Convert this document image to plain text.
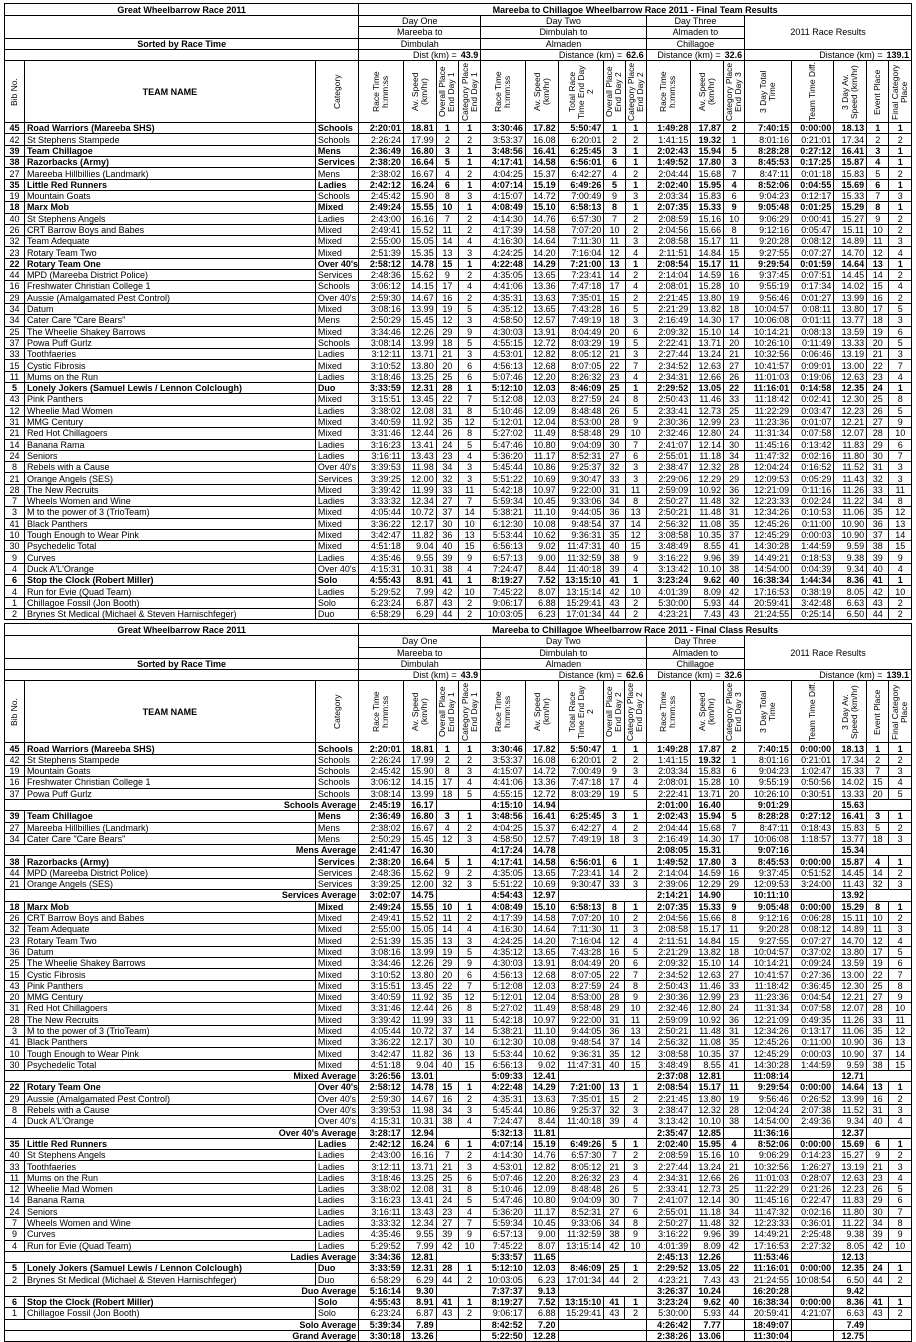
Great Wheelbarrow Race 2011			Mareeba to Chillagoe Wheelbarrow Race 2011 - Final Team Results																
			Day One				Day Two					Day Three			2011 Race Results				
			Mareeba to				Dimbulah to					Almaden to							
Sorted by Race Time			Dimbulah				Almaden					Chillagoe							
			Dist (km) = 43.9				Distance (km) = 62.6					Distance (km) = 32.6			Distance (km) = 139.1				

Bib No.	TEAM NAME	Category	Race Time h:mm:ss	Av. Speed (km/hr)	Overall Place End Day 1	Category Place End Day 1	Race Time h:mm:ss	Av. Speed (km/hr)	Total Race Time End Day 2	Overall Place End Day 2	Category Place End Day 2	Race Time h:mm:ss	Av. Speed (km/hr)	Category Place End Day 3	3 Day Total Time	Team Time Diff.	3 Day Av. Speed (km/hr)	Event Place	Final Category Place

45	Road Warriors (Mareeba SHS)	Schools	2:20:01	18.81	1	1	3:30:46	17.82	5:50:47	1	1	1:49:28	17.87	2	7:40:15	0:00:00	18.13	1	1
42	St Stephens Stampede	Schools	2:26:24	17.99	2	2	3:53:37	16.08	6:20:01	2	2	1:41:15	19.32	1	8:01:16	0:21:01	17.34	2	2
39	Team Chillagoe	Mens	2:36:49	16.80	3	1	3:48:56	16.41	6:25:45	3	1	2:02:43	15.94	5	8:28:28	0:27:12	16.41	3	1
38	Razorbacks (Army)	Services	2:38:20	16.64	5	1	4:17:41	14.58	6:56:01	6	1	1:49:52	17.80	3	8:45:53	0:17:25	15.87	4	1
27	Mareeba Hillbillies (Landmark)	Mens	2:38:02	16.67	4	2	4:04:25	15.37	6:42:27	4	2	2:04:44	15.68	7	8:47:11	0:01:18	15.83	5	2
35	Little Red Runners	Ladies	2:42:12	16.24	6	1	4:07:14	15.19	6:49:26	5	1	2:02:40	15.95	4	8:52:06	0:04:55	15.69	6	1
19	Mountain Goats	Schools	2:45:42	15.90	8	3	4:15:07	14.72	7:00:49	9	3	2:03:34	15.83	6	9:04:23	0:12:17	15.33	7	3
18	Marx Mob	Mixed	2:49:24	15.55	10	1	4:08:49	15.10	6:58:13	8	1	2:07:35	15.33	9	9:05:48	0:01:25	15.29	8	1
40	St Stephens Angels	Ladies	2:43:00	16.16	7	2	4:14:30	14.76	6:57:30	7	2	2:08:59	15.16	10	9:06:29	0:00:41	15.27	9	2
26	CRT Barrow Boys and Babes	Mixed	2:49:41	15.52	11	2	4:17:39	14.58	7:07:20	10	2	2:04:56	15.66	8	9:12:16	0:05:47	15.11	10	2
32	Team Adequate	Mixed	2:55:00	15.05	14	4	4:16:30	14.64	7:11:30	11	3	2:08:58	15.17	11	9:20:28	0:08:12	14.89	11	3
23	Rotary Team Two	Mixed	2:51:39	15.35	13	3	4:24:25	14.20	7:16:04	12	4	2:11:51	14.84	15	9:27:55	0:07:27	14.70	12	4
22	Rotary Team One	Over 40's	2:58:12	14.78	15	1	4:22:48	14.29	7:21:00	13	1	2:08:54	15.17	11	9:29:54	0:01:59	14.64	13	1
44	MPD (Mareeba District Police)	Services	2:48:36	15.62	9	2	4:35:05	13.65	7:23:41	14	2	2:14:04	14.59	16	9:37:45	0:07:51	14.45	14	2
16	Freshwater Christian College 1	Schools	3:06:12	14.15	17	4	4:41:06	13.36	7:47:18	17	4	2:08:01	15.28	10	9:55:19	0:17:34	14.02	15	4
29	Aussie (Amalgamated Pest Control)	Over 40's	2:59:30	14.67	16	2	4:35:31	13.63	7:35:01	15	2	2:21:45	13.80	19	9:56:46	0:01:27	13.99	16	2
34	Datum	Mixed	3:08:16	13.99	19	5	4:35:12	13.65	7:43:28	16	5	2:21:29	13.82	18	10:04:57	0:08:11	13.80	17	5
34	Cater Care "Care Bears"	Mens	2:50:29	15.45	12	3	4:58:50	12.57	7:49:19	18	3	2:16:49	14.30	17	10:06:08	0:01:11	13.77	18	3
25	The Wheelie Shakey Barrows	Mixed	3:34:46	12.26	29	9	4:30:03	13.91	8:04:49	20	6	2:09:32	15.10	14	10:14:21	0:08:13	13.59	19	6
37	Powa Puff Gurlz	Schools	3:08:14	13.99	18	5	4:55:15	12.72	8:03:29	19	5	2:22:41	13.71	20	10:26:10	0:11:49	13.33	20	5
33	Toothfaeries	Ladies	3:12:11	13.71	21	3	4:53:01	12.82	8:05:12	21	3	2:27:44	13.24	21	10:32:56	0:06:46	13.19	21	3
15	Cystic Fibrosis	Mixed	3:10:52	13.80	20	6	4:56:13	12.68	8:07:05	22	7	2:34:52	12.63	27	10:41:57	0:09:01	13.00	22	7
11	Mums on the Run	Ladies	3:18:46	13.25	25	6	5:07:46	12.20	8:26:32	23	4	2:34:31	12.66	26	11:01:03	0:19:06	12.63	23	4
5	Lonely Jokers (Samuel Lewis / Lennon Colclough)	Duo	3:33:59	12.31	28	1	5:12:10	12.03	8:46:09	25	1	2:29:52	13.05	22	11:16:01	0:14:58	12.35	24	1
43	Pink Panthers	Mixed	3:15:51	13.45	22	7	5:12:08	12.03	8:27:59	24	8	2:50:43	11.46	33	11:18:42	0:02:41	12.30	25	8
12	Wheelie Mad Women	Ladies	3:38:02	12.08	31	8	5:10:46	12.09	8:48:48	26	5	2:33:41	12.73	25	11:22:29	0:03:47	12.23	26	5
31	MMG Century	Mixed	3:40:59	11.92	35	12	5:12:01	12.04	8:53:00	28	9	2:30:36	12.99	23	11:23:36	0:01:07	12.21	27	9
21	Red Hot Chillagoers	Mixed	3:31:46	12.44	26	8	5:27:02	11.49	8:58:48	29	10	2:32:46	12.80	24	11:31:34	0:07:58	12.07	28	10
14	Banana Rama	Ladies	3:16:23	13.41	24	5	5:47:46	10.80	9:04:09	30	7	2:41:07	12.14	30	11:45:16	0:13:42	11.83	29	6
24	Seniors	Ladies	3:16:11	13.43	23	4	5:36:20	11.17	8:52:31	27	6	2:55:01	11.18	34	11:47:32	0:02:16	11.80	30	7
8	Rebels with a Cause	Over 40's	3:39:53	11.98	34	3	5:45:44	10.86	9:25:37	32	3	2:38:47	12.32	28	12:04:24	0:16:52	11.52	31	3
21	Orange Angels (SES)	Services	3:39:25	12.00	32	3	5:51:22	10.69	9:30:47	33	3	2:29:06	12.29	29	12:09:53	0:05:29	11.43	32	3
28	The New Recruits	Mixed	3:39:42	11.99	33	11	5:42:18	10.97	9:22:00	31	11	2:59:09	10.92	36	12:21:09	0:11:16	11.26	33	11
7	Wheels Women and Wine	Ladies	3:33:32	12.34	27	7	5:59:34	10.45	9:33:06	34	8	2:50:27	11.48	32	12:23:33	0:02:24	11.22	34	8
3	M to the power of 3 (TrioTeam)	Mixed	4:05:44	10.72	37	14	5:38:21	11.10	9:44:05	36	13	2:50:21	11.48	31	12:34:26	0:10:53	11.06	35	12
41	Black Panthers	Mixed	3:36:22	12.17	30	10	6:12:30	10.08	9:48:54	37	14	2:56:32	11.08	35	12:45:26	0:11:00	10.90	36	13
10	Tough Enough to Wear Pink	Mixed	3:42:47	11.82	36	13	5:53:44	10.62	9:36:31	35	12	3:08:58	10.35	37	12:45:29	0:00:03	10.90	37	14
30	Psychedelic Total	Mixed	4:51:18	9.04	40	15	6:56:13	9.02	11:47:31	40	15	3:48:49	8.55	41	14:30:28	1:44:59	9.59	38	15
9	Curves	Ladies	4:35:46	9.55	39	9	6:57:13	9.00	11:32:59	38	9	3:16:22	9.96	39	14:49:21	0:18:53	9.38	39	9
4	Duck A'L'Orange	Over 40's	4:15:31	10.31	38	4	7:24:47	8.44	11:40:18	39	4	3:13:42	10.10	38	14:54:00	0:04:39	9.34	40	4
6	Stop the Clock (Robert Miller)	Solo	4:55:43	8.91	41	1	8:19:27	7.52	13:15:10	41	1	3:23:24	9.62	40	16:38:34	1:44:34	8.36	41	1
4	Run for Evie (Quad Team)	Ladies	5:29:52	7.99	42	10	7:45:22	8.07	13:15:14	42	10	4:01:39	8.09	42	17:16:53	0:38:19	8.05	42	10
1	Chillagoe Fossil (Jon Booth)	Solo	6:23:24	6.87	43	2	9:06:17	6.88	15:29:41	43	2	5:30:00	5.93	44	20:59:41	3:42:48	6.63	43	2
2	Brynes St Medical (Michael & Steven Harnischfeger)	Duo	6:58:29	6.29	44	2	10:03:05	6.23	17:01:34	44	2	4:23:21	7.43	43	21:24:55	0:25:14	6.50	44	2
Great Wheelbarrow Race 2011			Mareeba to Chillagoe Wheelbarrow Race 2011 - Final Class Results																
			Day One				Day Two					Day Three			2011 Race Results				
			Mareeba to				Dimbulah to					Almaden to							
Sorted by Race Time			Dimbulah				Almaden					Chillagoe							
			Dist (km) = 43.9				Distance (km) = 62.6					Distance (km) = 32.6			Distance (km) = 139.1				

Bib No.	TEAM NAME	Category	Race Time h:mm:ss	Av. Speed (km/hr)	Overall Place End Day 1	Category Place End Day 1	Race Time h:mm:ss	Av. Speed (km/hr)	Total Race Time End Day 2	Overall Place End Day 2	Category Place End Day 2	Race Time h:mm:ss	Av. Speed (km/hr)	Category Place End Day 3	3 Day Total Time	Team Time Diff.	3 Day Av. Speed (km/hr)	Event Place	Final Category Place

45	Road Warriors (Mareeba SHS)	Schools	2:20:01	18.81	1	1	3:30:46	17.82	5:50:47	1	1	1:49:28	17.87	2	7:40:15	0:00:00	18.13	1	1
42	St Stephens Stampede	Schools	2:26:24	17.99	2	2	3:53:37	16.08	6:20:01	2	2	1:41:15	19.32	1	8:01:16	0:21:01	17.34	2	2
19	Mountain Goats	Schools	2:45:42	15.90	8	3	4:15:07	14.72	7:00:49	9	3	2:03:34	15.83	6	9:04:23	1:02:47	15.33	7	3
16	Freshwater Christian College 1	Schools	3:06:12	14.15	17	4	4:41:06	13.36	7:47:18	17	4	2:08:01	15.28	10	9:55:19	0:50:56	14.02	15	4
37	Powa Puff Gurlz	Schools	3:08:14	13.99	18	5	4:55:15	12.72	8:03:29	19	5	2:22:41	13.71	20	10:26:10	0:30:51	13.33	20	5
Schools Average			2:45:19	16.17			4:15:10	14.94				2:01:00	16.40		9:01:29		15.63		
39	Team Chillagoe	Mens	2:36:49	16.80	3	1	3:48:56	16.41	6:25:45	3	1	2:02:43	15.94	5	8:28:28	0:27:12	16.41	3	1
27	Mareeba Hillbillies (Landmark)	Mens	2:38:02	16.67	4	2	4:04:25	15.37	6:42:27	4	2	2:04:44	15.68	7	8:47:11	0:18:43	15.83	5	2
34	Cater Care "Care Bears"	Mens	2:50:29	15.45	12	3	4:58:50	12.57	7:49:19	18	3	2:16:49	14.30	17	10:06:08	1:18:57	13.77	18	3
Mens Average			2:41:47	16.30			4:17:24	14.78				2:08:05	15.31		9:07:16		15.34		
38	Razorbacks (Army)	Services	2:38:20	16.64	5	1	4:17:41	14.58	6:56:01	6	1	1:49:52	17.80	3	8:45:53	0:00:00	15.87	4	1
44	MPD (Mareeba District Police)	Services	2:48:36	15.62	9	2	4:35:05	13.65	7:23:41	14	2	2:14:04	14.59	16	9:37:45	0:51:52	14.45	14	2
21	Orange Angels (SES)	Services	3:39:25	12.00	32	3	5:51:22	10.69	9:30:47	33	3	2:39:06	12.29	29	12:09:53	3:24:00	11.43	32	3
Services Average			3:02:07	14.75			4:54:43	12.97				2:14:21	14.90		10:11:10		13.92		
18	Marx Mob	Mixed	2:49:24	15.55	10	1	4:08:49	15.10	6:58:13	8	1	2:07:35	15.33	9	9:05:48	0:00:00	15.29	8	1
26	CRT Barrow Boys and Babes	Mixed	2:49:41	15.52	11	2	4:17:39	14.58	7:07:20	10	2	2:04:56	15.66	8	9:12:16	0:06:28	15.11	10	2
32	Team Adequate	Mixed	2:55:00	15.05	14	4	4:16:30	14.64	7:11:30	11	3	2:08:58	15.17	11	9:20:28	0:08:12	14.89	11	3
23	Rotary Team Two	Mixed	2:51:39	15.35	13	3	4:24:25	14.20	7:16:04	12	4	2:11:51	14.84	15	9:27:55	0:07:27	14.70	12	4
36	Datum	Mixed	3:08:16	13.99	19	5	4:35:12	13.65	7:43:28	16	5	2:21:29	13.82	18	10:04:57	0:37:02	13.80	17	5
25	The Wheelie Shakey Barrows	Mixed	3:34:46	12.26	29	9	4:30:03	13.91	8:04:49	20	6	2:09:32	15.10	14	10:14:21	0:09:24	13.59	19	6
15	Cystic Fibrosis	Mixed	3:10:52	13.80	20	6	4:56:13	12.68	8:07:05	22	7	2:34:52	12.63	27	10:41:57	0:27:36	13.00	22	7
43	Pink Panthers	Mixed	3:15:51	13.45	22	7	5:12:08	12.03	8:27:59	24	8	2:50:43	11.46	33	11:18:42	0:36:45	12.30	25	8
20	MMG Century	Mixed	3:40:59	11.92	35	12	5:12:01	12.04	8:53:00	28	9	2:30:36	12.99	23	11:23:36	0:04:54	12.21	27	9
31	Red Hot Chillagoers	Mixed	3:31:46	12.44	26	8	5:27:02	11.49	8:58:48	29	10	2:32:46	12.80	24	11:31:34	0:07:58	12.07	28	10
28	The New Recruits	Mixed	3:39:42	11.99	33	11	5:42:18	10.97	9:22:00	31	11	2:59:09	10.92	36	12:21:09	0:49:35	11.26	33	11
3	M to the power of 3 (TrioTeam)	Mixed	4:05:44	10.72	37	14	5:38:21	11.10	9:44:05	36	13	2:50:21	11.48	31	12:34:26	0:13:17	11.06	35	12
41	Black Panthers	Mixed	3:36:22	12.17	30	10	6:12:30	10.08	9:48:54	37	14	2:56:32	11.08	35	12:45:26	0:11:00	10.90	36	13
10	Tough Enough to Wear Pink	Mixed	3:42:47	11.82	36	13	5:53:44	10.62	9:36:31	35	12	3:08:58	10.35	37	12:45:29	0:00:03	10.90	37	14
30	Psychedelic Total	Mixed	4:51:18	9.04	40	15	6:56:13	9.02	11:47:31	40	15	3:48:49	8.55	41	14:30:28	1:44:59	9.59	38	15
Mixed Average			3:26:56	13.01			5:09:33	12.41				2:37:08	12.81		11:08:14		12.71		
22	Rotary Team One	Over 40's	2:58:12	14.78	15	1	4:22:48	14.29	7:21:00	13	1	2:08:54	15.17	11	9:29:54	0:00:00	14.64	13	1
29	Aussie (Amalgamated Pest Control)	Over 40's	2:59:30	14.67	16	2	4:35:31	13.63	7:35:01	15	2	2:21:45	13.80	19	9:56:46	0:26:52	13.99	16	2
8	Rebels with a Cause	Over 40's	3:39:53	11.98	34	3	5:45:44	10.86	9:25:37	32	3	2:38:47	12.32	28	12:04:24	2:07:38	11.52	31	3
4	Duck A'L'Orange	Over 40's	4:15:31	10.31	38	4	7:24:47	8.44	11:40:18	39	4	3:13:42	10.10	38	14:54:00	2:49:36	9.34	40	4
Over 40's Average			3:28:17	12.94			5:32:13	11.81				2:35:47	12.85		11:36:16		12.37		
35	Little Red Runners	Ladies	2:42:12	16.24	6	1	4:07:14	15.19	6:49:26	5	1	2:02:40	15.95	4	8:52:06	0:00:00	15.69	6	1
40	St Stephens Angels	Ladies	2:43:00	16.16	7	2	4:14:30	14.76	6:57:30	7	2	2:08:59	15.16	10	9:06:29	0:14:23	15.27	9	2
33	Toothfaeries	Ladies	3:12:11	13.71	21	3	4:53:01	12.82	8:05:12	21	3	2:27:44	13.24	21	10:32:56	1:26:27	13.19	21	3
11	Mums on the Run	Ladies	3:18:46	13.25	25	6	5:07:46	12.20	8:26:32	23	4	2:34:31	12.66	26	11:01:03	0:28:07	12.63	23	4
12	Wheelie Mad Women	Ladies	3:38:02	12.08	31	8	5:10:46	12.09	8:48:48	26	5	2:33:41	12.73	25	11:22:29	0:21:26	12.23	26	5
14	Banana Rama	Ladies	3:16:23	13.41	24	5	5:47:46	10.80	9:04:09	30	7	2:41:07	12.14	30	11:45:16	0:22:47	11.83	29	6
24	Seniors	Ladies	3:16:11	13.43	23	4	5:36:20	11.17	8:52:31	27	6	2:55:01	11.18	34	11:47:32	0:02:16	11.80	30	7
7	Wheels Women and Wine	Ladies	3:33:32	12.34	27	7	5:59:34	10.45	9:33:06	34	8	2:50:27	11.48	32	12:23:33	0:36:01	11.22	34	8
9	Curves	Ladies	4:35:46	9.55	39	9	6:57:13	9.00	11:32:59	38	9	3:16:22	9.96	39	14:49:21	2:25:48	9.38	39	9
4	Run for Evie (Quad Team)	Ladies	5:29:52	7.99	42	10	7:45:22	8.07	13:15:14	42	10	4:01:39	8.09	42	17:16:53	2:27:32	8.05	42	10
Ladies Average			3:34:36	12.81			5:33:57	11.65				2:45:13	12.26		11:53:46		12.13		
5	Lonely Jokers (Samuel Lewis / Lennon Colclough)	Duo	3:33:59	12.31	28	1	5:12:10	12.03	8:46:09	25	1	2:29:52	13.05	22	11:16:01	0:00:00	12.35	24	1
2	Brynes St Medical (Michael & Steven Harnischfeger)	Duo	6:58:29	6.29	44	2	10:03:05	6.23	17:01:34	44	2	4:23:21	7.43	43	21:24:55	10:08:54	6.50	44	2
Duo Average			5:16:14	9.30			7:37:37	9.13				3:26:37	10.24		16:20:28		9.42		
6	Stop the Clock (Robert Miller)	Solo	4:55:43	8.91	41	1	8:19:27	7.52	13:15:10	41	1	3:23:24	9.62	40	16:38:34	0:00:00	8.36	41	1
1	Chillagoe Fossil (Jon Booth)	Solo	6:23:24	6.87	43	2	9:06:17	6.88	15:29:41	43	2	5:30:00	5.93	44	20:59:41	4:21:07	6.63	43	2
Solo Average			5:39:34	7.89			8:42:52	7.20				4:26:42	7.77		18:49:07		7.49		
Grand Average			3:30:18	13.26			5:22:50	12.28				2:38:26	13.06		11:30:04		12.75		
